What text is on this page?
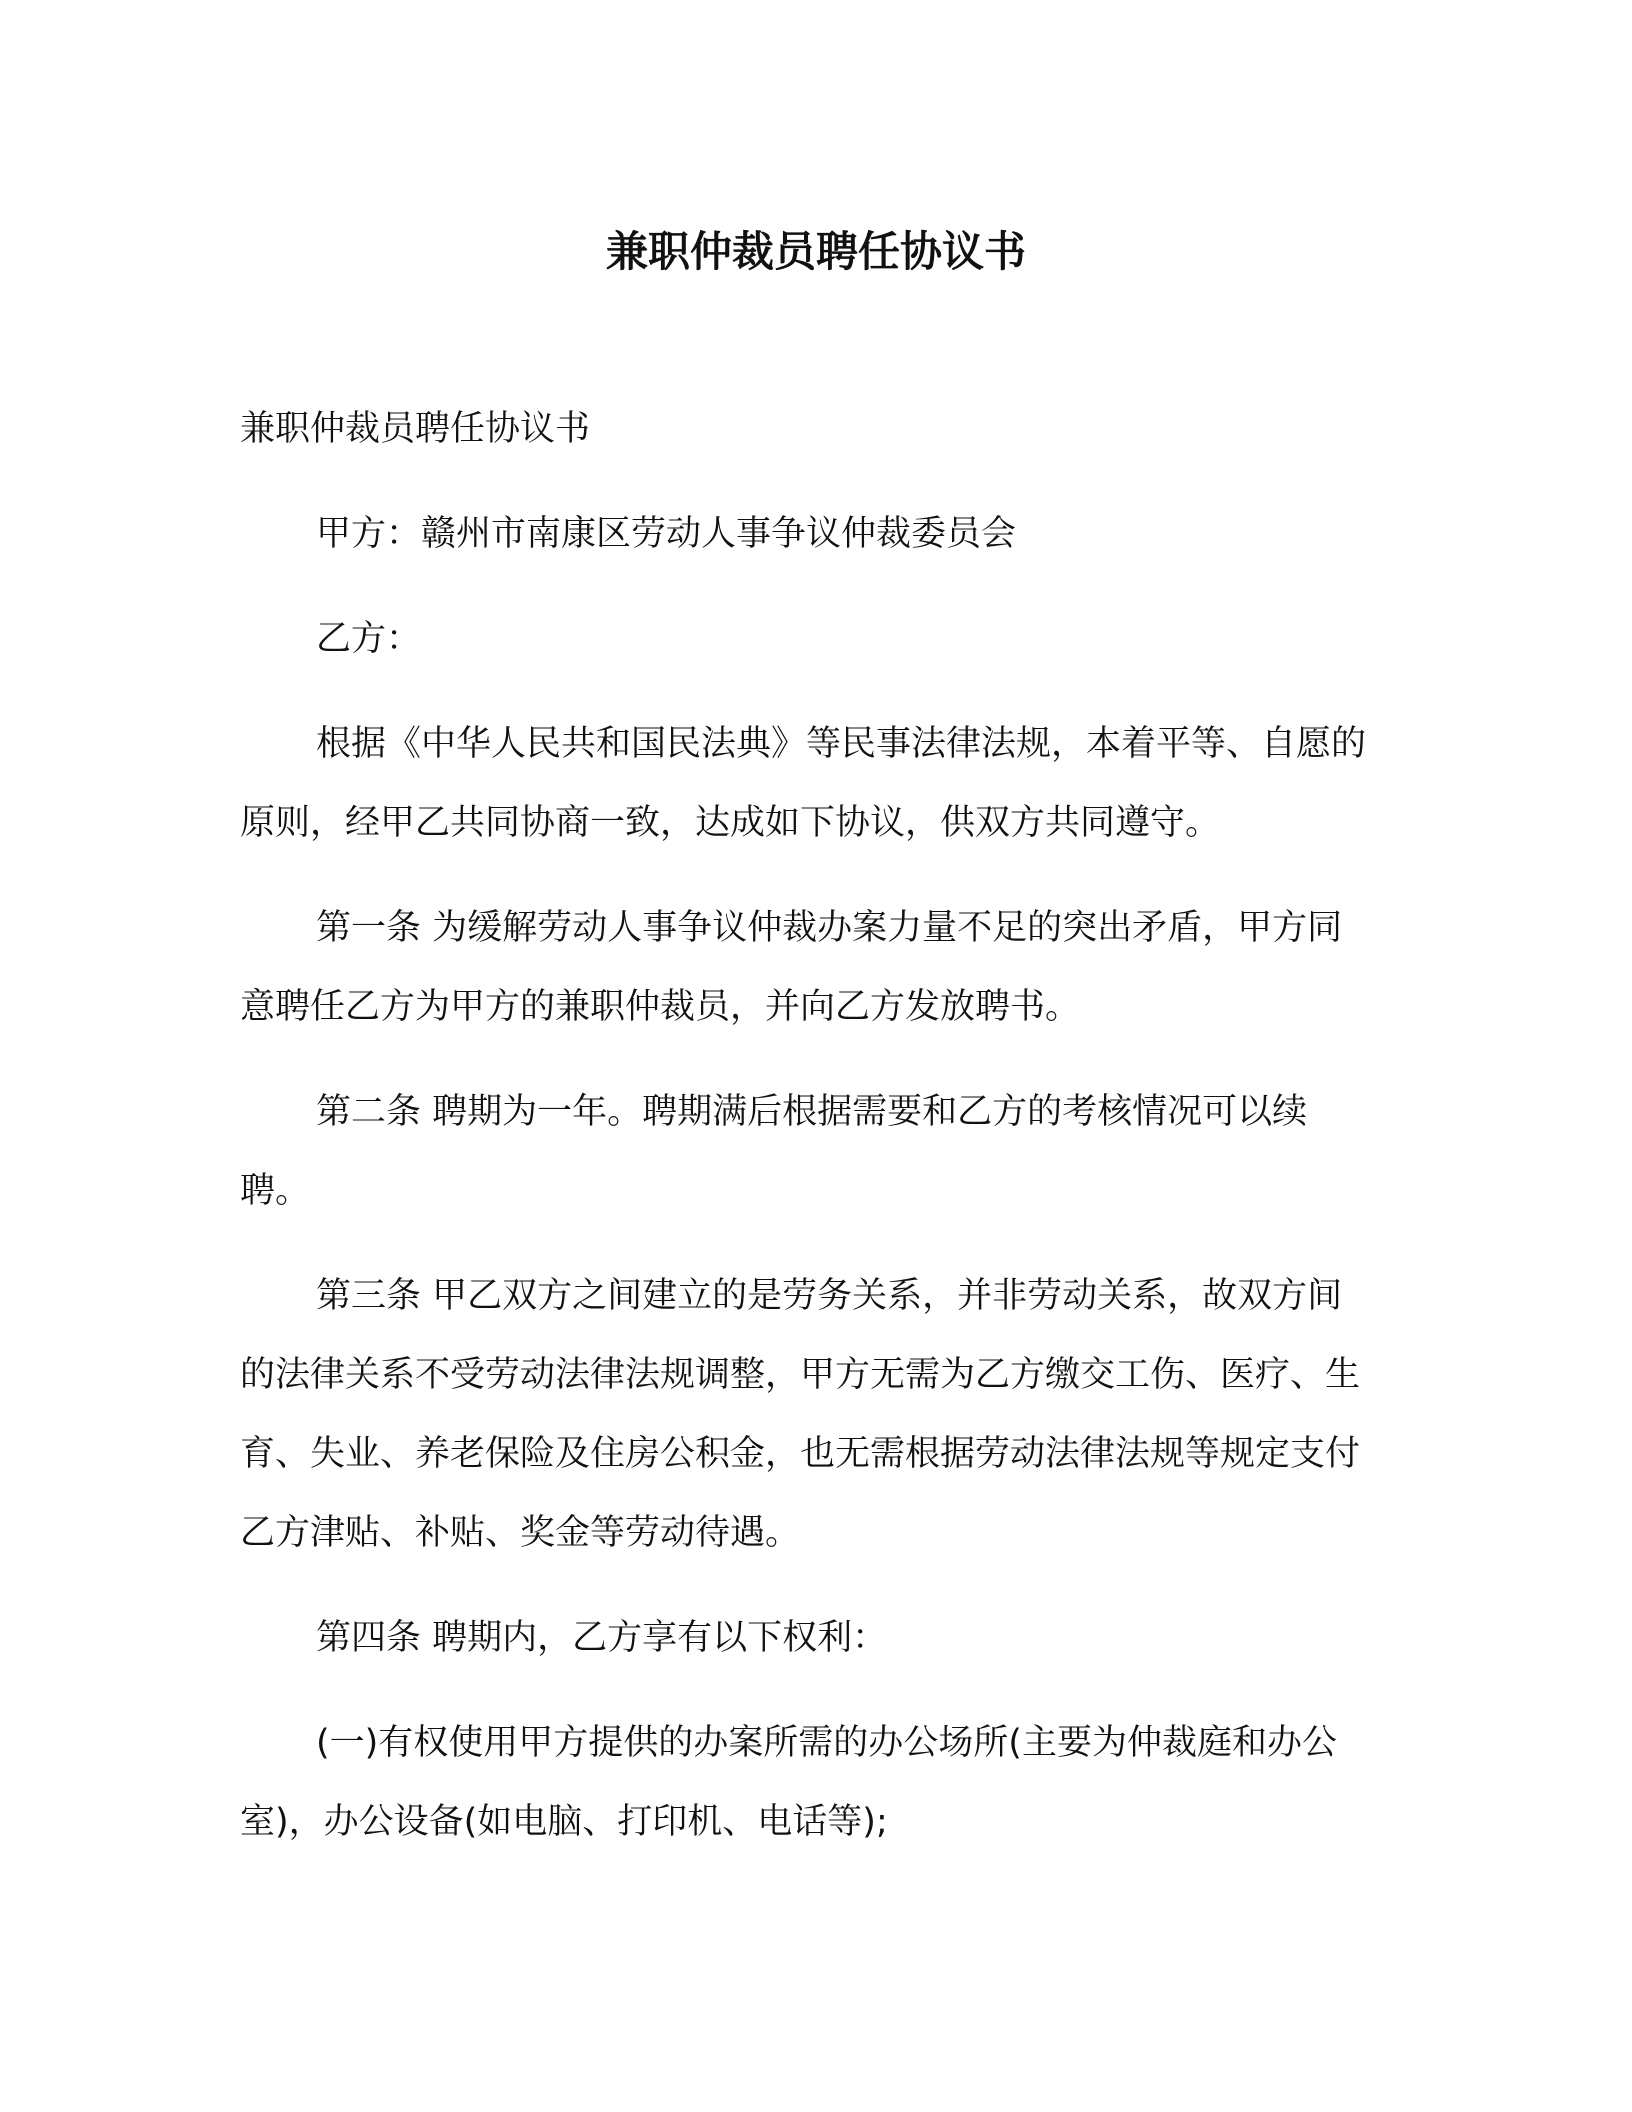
兼职仲裁员聘任协议书

兼职仲裁员聘任协议书

甲方：赣州市南康区劳动人事争议仲裁委员会

乙方：

根据《中华人民共和国民法典》等民事法律法规，本着平等、自愿的原则，经甲乙共同协商一致，达成如下协议，供双方共同遵守。

第一条 为缓解劳动人事争议仲裁办案力量不足的突出矛盾，甲方同意聘任乙方为甲方的兼职仲裁员，并向乙方发放聘书。

第二条 聘期为一年。聘期满后根据需要和乙方的考核情况可以续聘。

第三条 甲乙双方之间建立的是劳务关系，并非劳动关系，故双方间的法律关系不受劳动法律法规调整，甲方无需为乙方缴交工伤、医疗、生育、失业、养老保险及住房公积金，也无需根据劳动法律法规等规定支付乙方津贴、补贴、奖金等劳动待遇。

第四条 聘期内，乙方享有以下权利：

(一)有权使用甲方提供的办案所需的办公场所(主要为仲裁庭和办公室)，办公设备(如电脑、打印机、电话等);
